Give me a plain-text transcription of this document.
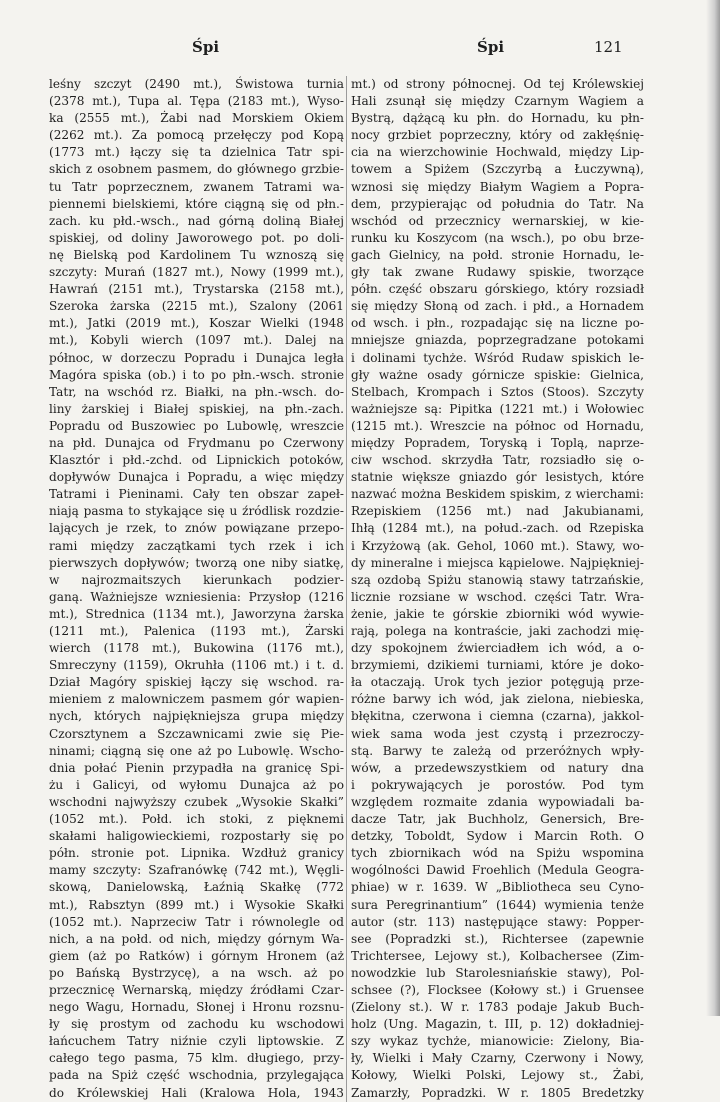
Śpi	Śpi	121
leśny szczyt (2490 mt.), Świstowa turnia
(2378 mt.), Tupa al. Tępa (2183 mt.), Wyso-
ka (2555 mt.), Żabi nad Morskiem Okiem
(2262 mt.). Za pomocą przełęczy pod Kopą
(1773 mt.) łączy się ta dzielnica Tatr spi-
skich z osobnem pasmem, do głównego grzbie-
tu Tatr poprzecznem, zwanem Tatrami wa-
piennemi bielskiemi, które ciągną się od płn.-
zach. ku płd.-wsch., nad górną doliną Białej
spiskiej, od doliny Jaworowego pot. po doli-
nę Bielską pod Kardolinem Tu wznoszą się
szczyty: Murań (1827 mt.), Nowy (1999 mt.),
Hawrań (2151 mt.), Trystarska (2158 mt.),
Szeroka żarska (2215 mt.), Szalony (2061
mt.), Jatki (2019 mt.), Koszar Wielki (1948
mt.), Kobyli wierch (1097 mt.). Dalej na
północ, w dorzeczu Popradu i Dunajca legła
Magóra spiska (ob.) i to po płn.-wsch. stronie
Tatr, na wschód rz. Białki, na płn.-wsch. do-
liny żarskiej i Białej spiskiej, na płn.-zach.
Popradu od Buszowiec po Lubowlę, wreszcie
na płd. Dunajca od Frydmanu po Czerwony
Klasztór i płd.-zchd. od Lipnickich potoków,
dopływów Dunajca i Popradu, a więc między
Tatrami i Pieninami. Cały ten obszar zapeł-
niają pasma to stykające się u źródlisk rozdzie-
lających je rzek, to znów powiązane przepo-
rami między zaczątkami tych rzek i ich
pierwszych dopływów; tworzą one niby siatkę,
w najrozmaitszych kierunkach podzier-
ganą. Ważniejsze wzniesienia: Przysłop (1216
mt.), Strednica (1134 mt.), Jaworzyna żarska
(1211 mt.), Palenica (1193 mt.), Żarski
wierch (1178 mt.), Bukowina (1176 mt.),
Smreczyny (1159), Okruhła (1106 mt.) i t. d.
Dział Magóry spiskiej łączy się wschod. ra-
mieniem z malowniczem pasmem gór wapien-
nych, których najpiękniejsza grupa między
Czorsztynem a Szczawnicami zwie się Pie-
ninami; ciągną się one aż po Lubowlę. Wscho-
dnia połać Pienin przypadła na granicę Spi-
żu i Galicyi, od wyłomu Dunajca aż po
wschodni najwyższy czubek „Wysokie Skałki”
(1052 mt.). Połd. ich stoki, z pięknemi
skałami haligowieckiemi, rozpostarły się po
półn. stronie pot. Lipnika. Wzdłuż granicy
mamy szczyty: Szafranówkę (742 mt.), Węgli-
skową, Danielowską, Łaźnią Skałkę (772
mt.), Rabsztyn (899 mt.) i Wysokie Skałki
(1052 mt.). Naprzeciw Tatr i równolegle od
nich, a na połd. od nich, między górnym Wa-
giem (aż po Ratków) i górnym Hronem (aż
po Bańską Bystrzycę), a na wsch. aż po
przecznicę Wernarską, między źródłami Czar-
nego Wagu, Hornadu, Słonej i Hronu rozsnu-
ły się prostym od zachodu ku wschodowi
łańcuchem Tatry niźnie czyli liptowskie. Z
całego tego pasma, 75 klm. długiego, przy-
pada na Spiż część wschodnia, przylegająca
do Królewskiej Hali (Kralowa Hola, 1943
mt.) od strony północnej. Od tej Królewskiej
Hali zsunął się między Czarnym Wagiem a
Bystrą, dążącą ku płn. do Hornadu, ku płn-
nocy grzbiet poprzeczny, który od zakłęśnię-
cia na wierzchowinie Hochwald, między Lip-
towem a Spiżem (Szczyrbą a Łuczywną),
wznosi się między Białym Wagiem a Popra-
dem, przypierając od południa do Tatr. Na
wschód od przecznicy wernarskiej, w kie-
runku ku Koszycom (na wsch.), po obu brze-
gach Gielnicy, na połd. stronie Hornadu, le-
gły tak zwane Rudawy spiskie, tworzące
półn. część obszaru górskiego, który rozsiadł
się między Słoną od zach. i płd., a Hornadem
od wsch. i płn., rozpadając się na liczne po-
mniejsze gniazda, poprzegradzane potokami
i dolinami tychże. Wśród Rudaw spiskich le-
gły ważne osady górnicze spiskie: Gielnica,
Stelbach, Krompach i Sztos (Stoos). Szczyty
ważniejsze są: Pipitka (1221 mt.) i Wołowiec
(1215 mt.). Wreszcie na północ od Hornadu,
między Popradem, Toryską i Toplą, naprze-
ciw wschod. skrzydła Tatr, rozsiadło się o-
statnie większe gniazdo gór lesistych, które
nazwać można Beskidem spiskim, z wierchami:
Rzepiskiem (1256 mt.) nad Jakubianami,
Ihłą (1284 mt.), na połud.-zach. od Rzepiska
i Krzyżową (ak. Gehol, 1060 mt.). Stawy, wo-
dy mineralne i miejsca kąpielowe. Najpiękniej-
szą ozdobą Spiżu stanowią stawy tatrzańskie,
licznie rozsiane w wschod. części Tatr. Wra-
żenie, jakie te górskie zbiorniki wód wywie-
rają, polega na kontraście, jaki zachodzi mię-
dzy spokojnem źwierciadłem ich wód, a o-
brzymiemi, dzikiemi turniami, które je doko-
ła otaczają. Urok tych jezior potęgują prze-
różne barwy ich wód, jak zielona, niebieska,
błękitna, czerwona i ciemna (czarna), jakkol-
wiek sama woda jest czystą i przezroczy-
stą. Barwy te zależą od przeróżnych wpły-
wów, a przedewszystkiem od natury dna
i pokrywających je porostów. Pod tym
względem rozmaite zdania wypowiadali ba-
dacze Tatr, jak Buchholz, Genersich, Bre-
detzky, Toboldt, Sydow i Marcin Roth. O
tych zbiornikach wód na Spiżu wspomina
wogólności Dawid Froehlich (Medula Geogra-
phiae) w r. 1639. W „Bibliotheca seu Cyno-
sura Peregrinantium” (1644) wymienia tenże
autor (str. 113) następujące stawy: Popper-
see (Popradzki st.), Richtersee (zapewnie
Trichtersee, Lejowy st.), Kolbachersee (Zim-
nowodzkie lub Starolesniańskie stawy), Pol-
schsee (?), Flocksee (Kołowy st.) i Gruensee
(Zielony st.). W r. 1783 podaje Jakub Buch-
holz (Ung. Magazin, t. III, p. 12) dokładniej-
szy wykaz tychże, mianowicie: Zielony, Bia-
ły, Wielki i Mały Czarny, Czerwony i Nowy,
Kołowy, Wielki Polski, Lejowy st., Żabi,
Zamarzły, Popradzki. W r. 1805 Bredetzky
